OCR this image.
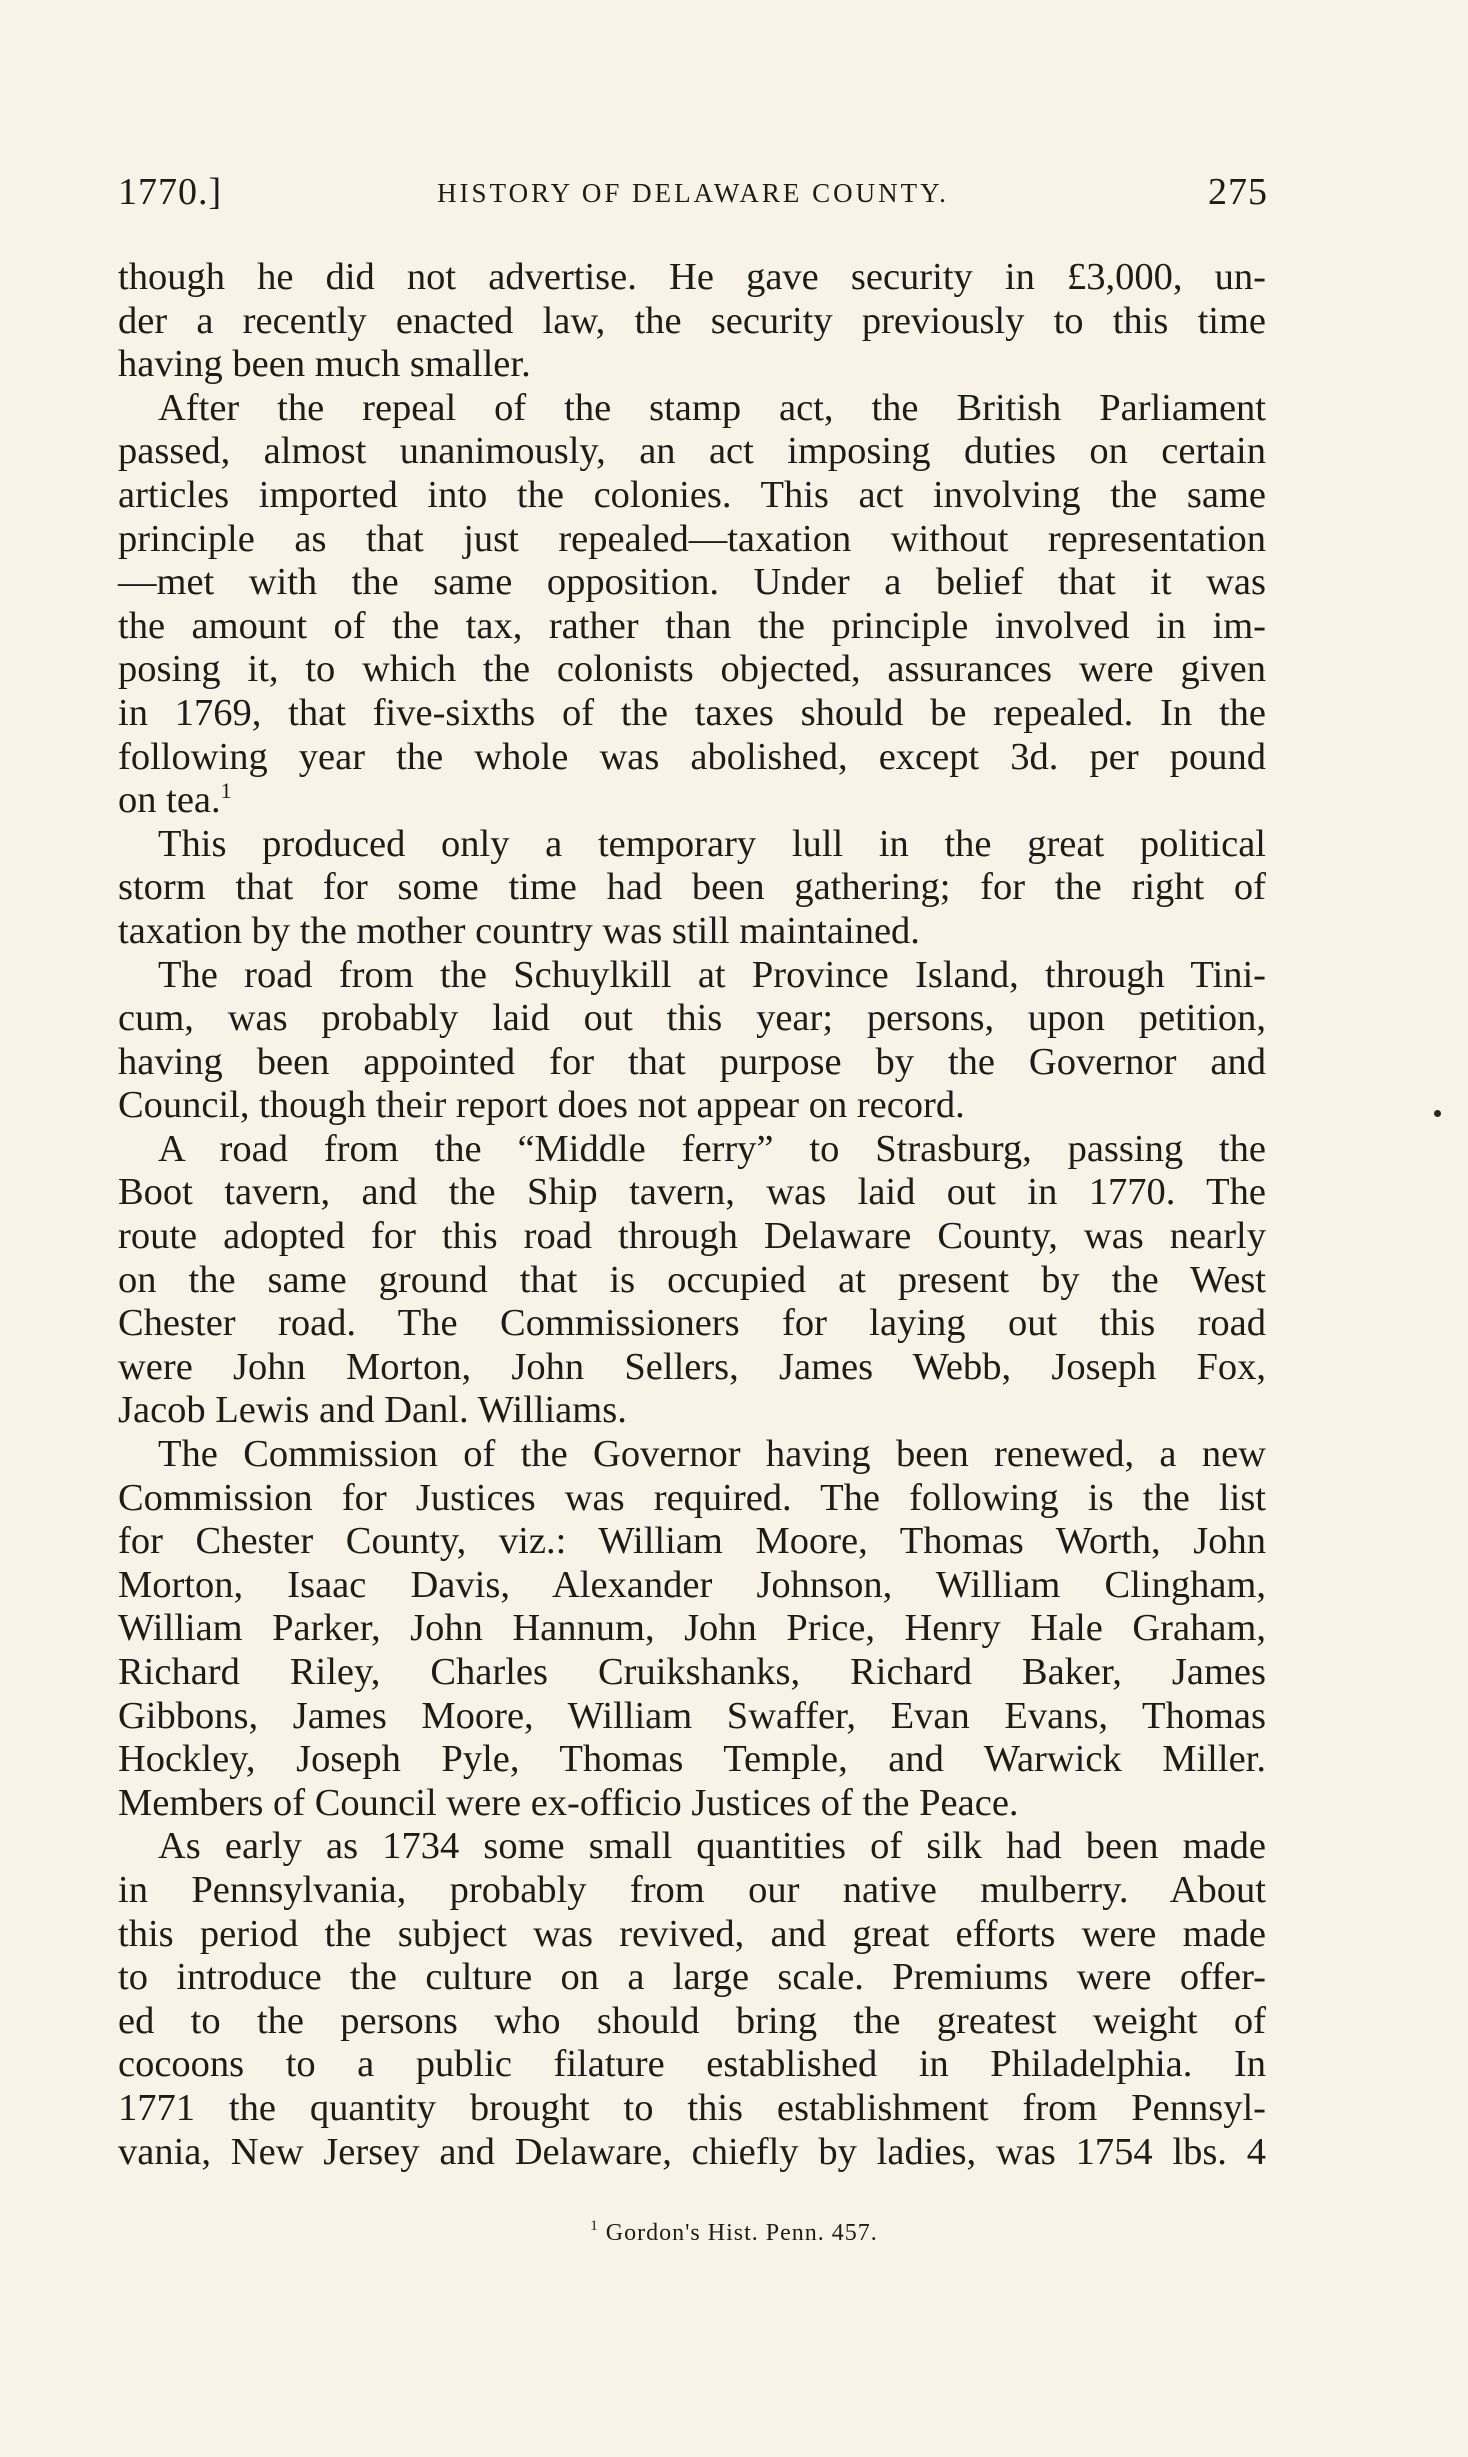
1770.]	HISTORY OF DELAWARE COUNTY.	275
though he did not advertise. He gave security in £3,000, un-
der a recently enacted law, the security previously to this time
having been much smaller.
After the repeal of the stamp act, the British Parliament
passed, almost unanimously, an act imposing duties on certain
articles imported into the colonies. This act involving the same
principle as that just repealed—taxation without representation
—met with the same opposition. Under a belief that it was
the amount of the tax, rather than the principle involved in im-
posing it, to which the colonists objected, assurances were given
in 1769, that five-sixths of the taxes should be repealed. In the
following year the whole was abolished, except 3d. per pound
on tea.$^1$
This produced only a temporary lull in the great political
storm that for some time had been gathering; for the right of
taxation by the mother country was still maintained.
The road from the Schuylkill at Province Island, through Tini-
cum, was probably laid out this year; persons, upon petition,
having been appointed for that purpose by the Governor and
Council, though their report does not appear on record.
A road from the “Middle ferry” to Strasburg, passing the
Boot tavern, and the Ship tavern, was laid out in 1770. The
route adopted for this road through Delaware County, was nearly
on the same ground that is occupied at present by the West
Chester road. The Commissioners for laying out this road
were John Morton, John Sellers, James Webb, Joseph Fox,
Jacob Lewis and Danl. Williams.
The Commission of the Governor having been renewed, a new
Commission for Justices was required. The following is the list
for Chester County, viz.: William Moore, Thomas Worth, John
Morton, Isaac Davis, Alexander Johnson, William Clingham,
William Parker, John Hannum, John Price, Henry Hale Graham,
Richard Riley, Charles Cruikshanks, Richard Baker, James
Gibbons, James Moore, William Swaffer, Evan Evans, Thomas
Hockley, Joseph Pyle, Thomas Temple, and Warwick Miller.
Members of Council were ex-officio Justices of the Peace.
As early as 1734 some small quantities of silk had been made
in Pennsylvania, probably from our native mulberry. About
this period the subject was revived, and great efforts were made
to introduce the culture on a large scale. Premiums were offer-
ed to the persons who should bring the greatest weight of
cocoons to a public filature established in Philadelphia. In
1771 the quantity brought to this establishment from Pennsyl-
vania, New Jersey and Delaware, chiefly by ladies, was 1754 lbs. 4
$^1$ Gordon's Hist. Penn. 457.
